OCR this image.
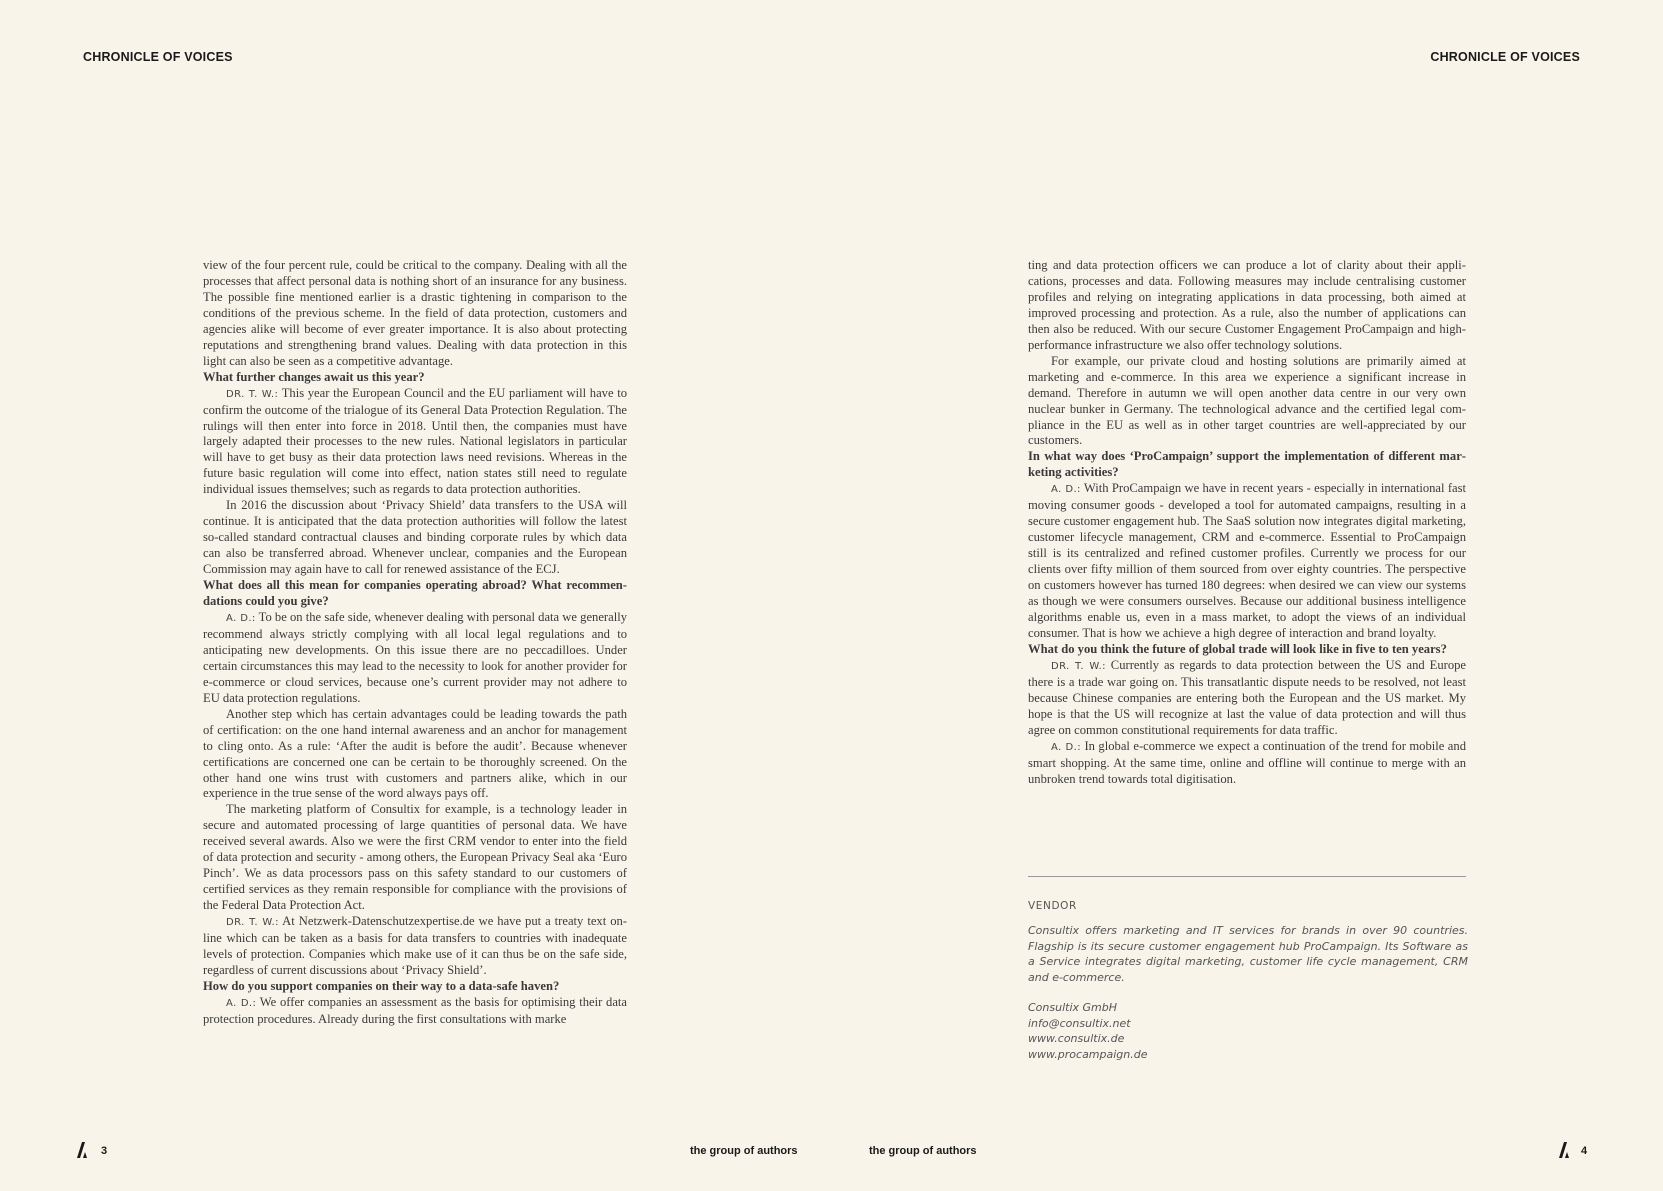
CHRONICLE OF VOICES	CHRONICLE OF VOICES

view of the four percent rule, could be critical to the company. Dealing with all the processes that affect personal data is nothing short of an insurance for any business. The possible fine mentioned earlier is a drastic tightening in comparison to the conditions of the previous scheme. In the field of data protection, customers and agencies alike will become of ever greater importance. It is also about protecting reputations and strengthening brand values. Dealing with data protection in this light can also be seen as a competitive advantage.

What further changes await us this year?

DR. T. W.: This year the European Council and the EU parliament will have to confirm the outcome of the trialogue of its General Data Protection Regulation. The rulings will then enter into force in 2018. Until then, the companies must have largely adapted their processes to the new rules. National legislators in particular will have to get busy as their data protection laws need revisions. Whereas in the future basic regulation will come into effect, nation states still need to regulate individual issues themselves; such as regards to data protection authorities.

In 2016 the discussion about ‘Privacy Shield’ data transfers to the USA will continue. It is anticipated that the data protection authorities will follow the latest so-called standard contractual clauses and binding corporate rules by which data can also be transferred abroad. Whenever unclear, companies and the European Commission may again have to call for renewed assistance of the ECJ.

What does all this mean for companies operating abroad? What recommendations could you give?

A. D.: To be on the safe side, whenever dealing with personal data we generally recommend always strictly complying with all local legal regulations and to anticipating new developments. On this issue there are no peccadilloes. Under certain circumstances this may lead to the necessity to look for another provider for e-commerce or cloud services, because one’s current provider may not adhere to EU data protection regulations.

Another step which has certain advantages could be leading towards the path of certification: on the one hand internal awareness and an anchor for management to cling onto. As a rule: ‘After the audit is before the audit’. Because whenever certifications are concerned one can be certain to be thoroughly screened. On the other hand one wins trust with customers and partners alike, which in our experience in the true sense of the word always pays off.

The marketing platform of Consultix for example, is a technology leader in secure and automated processing of large quantities of personal data. We have received several awards. Also we were the first CRM vendor to enter into the field of data protection and security - among others, the European Privacy Seal aka ‘Euro Pinch’. We as data processors pass on this safety standard to our customers of certified services as they remain responsible for compliance with the provisions of the Federal Data Protection Act.

DR. T. W.: At Netzwerk-Datenschutzexpertise.de we have put a treaty text online which can be taken as a basis for data transfers to countries with inadequate levels of protection. Companies which make use of it can thus be on the safe side, regardless of current discussions about ‘Privacy Shield’.

How do you support companies on their way to a data-safe haven?

A. D.: We offer companies an assessment as the basis for optimising their data protection procedures. Already during the first consultations with marke

ting and data protection officers we can produce a lot of clarity about their applications, processes and data. Following measures may include centralising customer profiles and relying on integrating applications in data processing, both aimed at improved processing and protection. As a rule, also the number of applications can then also be reduced. With our secure Customer Engagement ProCampaign and high-performance infrastructure we also offer technology solutions.

For example, our private cloud and hosting solutions are primarily aimed at marketing and e-commerce. In this area we experience a significant increase in demand. Therefore in autumn we will open another data centre in our very own nuclear bunker in Germany. The technological advance and the certified legal compliance in the EU as well as in other target countries are well-appreciated by our customers.

In what way does ‘ProCampaign’ support the implementation of different marketing activities?

A. D.: With ProCampaign we have in recent years - especially in international fast moving consumer goods - developed a tool for automated campaigns, resulting in a secure customer engagement hub. The SaaS solution now integrates digital marketing, customer lifecycle management, CRM and e-commerce. Essential to ProCampaign still is its centralized and refined customer profiles. Currently we process for our clients over fifty million of them sourced from over eighty countries. The perspective on customers however has turned 180 degrees: when desired we can view our systems as though we were consumers ourselves. Because our additional business intelligence algorithms enable us, even in a mass market, to adopt the views of an individual consumer. That is how we achieve a high degree of interaction and brand loyalty.

What do you think the future of global trade will look like in five to ten years?

DR. T. W.: Currently as regards to data protection between the US and Europe there is a trade war going on. This transatlantic dispute needs to be resolved, not least because Chinese companies are entering both the European and the US market. My hope is that the US will recognize at last the value of data protection and will thus agree on common constitutional requirements for data traffic.

A. D.: In global e-commerce we expect a continuation of the trend for mobile and smart shopping. At the same time, online and offline will continue to merge with an unbroken trend towards total digitisation.

VENDOR

Consultix offers marketing and IT services for brands in over 90 countries. Flagship is its secure customer engagement hub ProCampaign. Its Software as a Service integrates digital marketing, customer life cycle management, CRM and e-commerce.

Consultix GmbH
info@consultix.net
www.consultix.de
www.procampaign.de
3	the group of authors	the group of authors	4
